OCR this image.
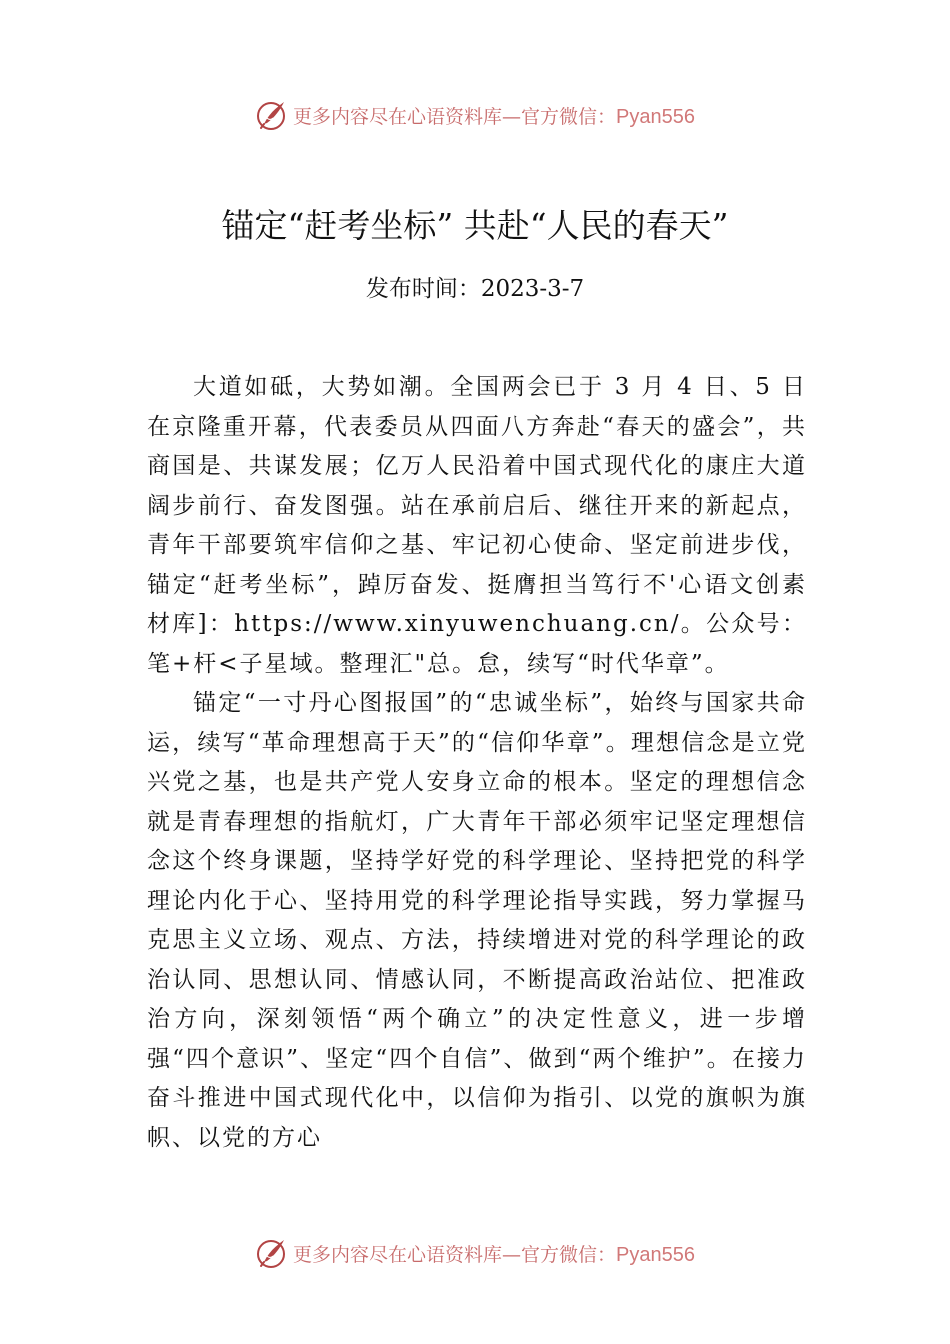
更多内容尽在心语资料库—官方微信：Pyan556
锚定“赶考坐标” 共赴“人民的春天”
发布时间：2023-3-7

大道如砥，大势如潮。全国两会已于 3 月 4 日、5 日在京隆重开幕，代表委员从四面八方奔赴“春天的盛会”，共商国是、共谋发展；亿万人民沿着中国式现代化的康庄大道阔步前行、奋发图强。站在承前启后、继往开来的新起点，青年干部要筑牢信仰之基、牢记初心使命、坚定前进步伐，锚定“赶考坐标”，踔厉奋发、挺膺担当笃行不'心语文创素材库]：https://www.xinyuwenchuang.cn/。公众号：笔+杆<子星域。整理汇"总。怠，续写“时代华章”。

锚定“一寸丹心图报国”的“忠诚坐标”，始终与国家共命运，续写“革命理想高于天”的“信仰华章”。理想信念是立党兴党之基，也是共产党人安身立命的根本。坚定的理想信念就是青春理想的指航灯，广大青年干部必须牢记坚定理想信念这个终身课题，坚持学好党的科学理论、坚持把党的科学理论内化于心、坚持用党的科学理论指导实践，努力掌握马克思主义立场、观点、方法，持续增进对党的科学理论的政治认同、思想认同、情感认同，不断提高政治站位、把准政治方向，深刻领悟“两个确立”的决定性意义，进一步增强“四个意识”、坚定“四个自信”、做到“两个维护”。在接力奋斗推进中国式现代化中，以信仰为指引、以党的旗帜为旗帜、以党的方心

更多内容尽在心语资料库—官方微信：Pyan556
